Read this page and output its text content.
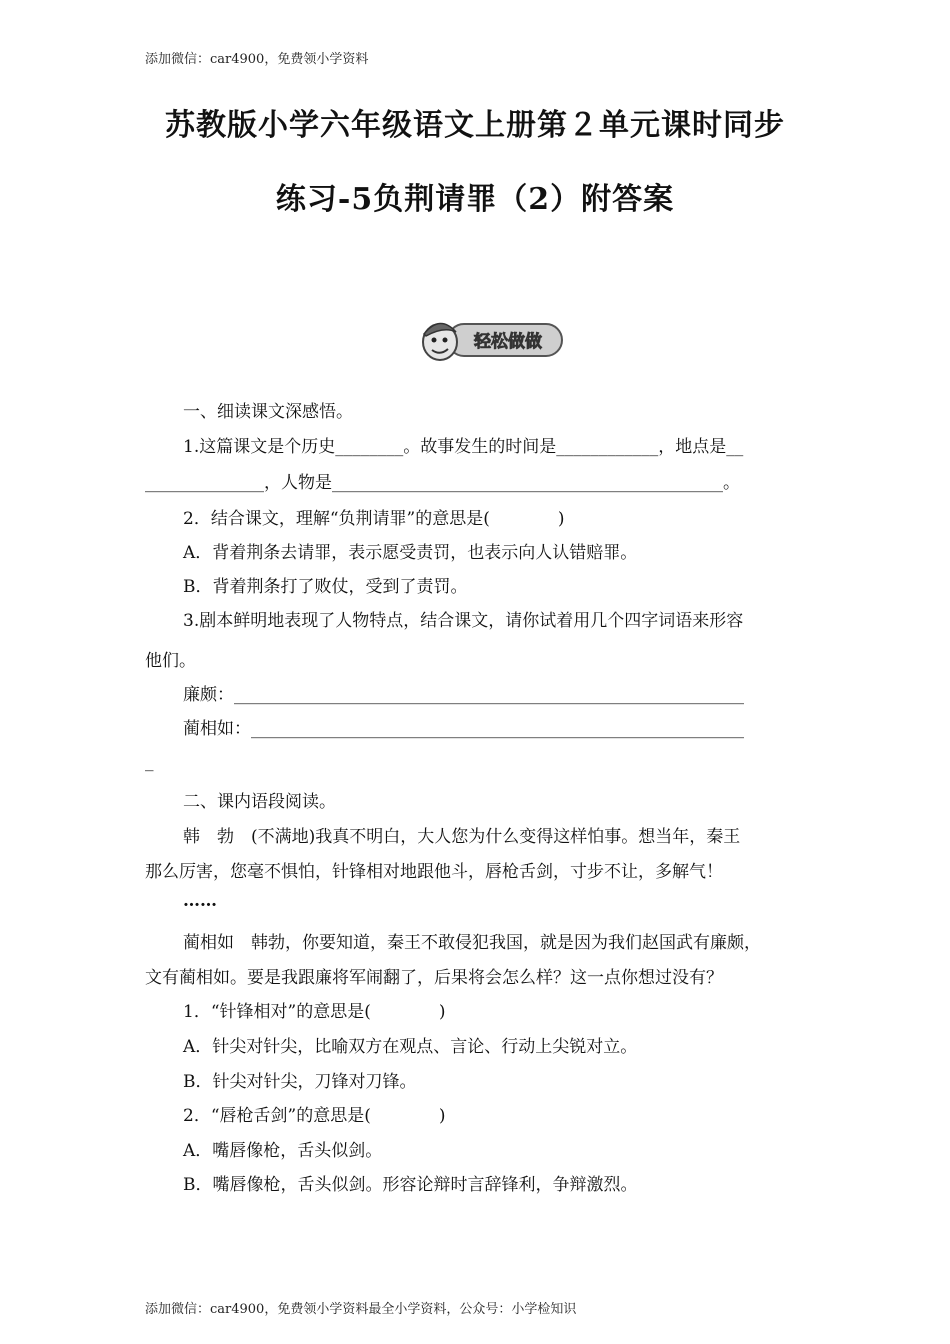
添加微信：car4900，免费领小学资料
苏教版小学六年级语文上册第２单元课时同步
练习-5负荆请罪（2）附答案
轻松做做
一、细读课文深感悟。
1.这篇课文是个历史________。故事发生的时间是____________，地点是__
______________，人物是______________________________________________。
2．结合课文，理解“负荆请罪”的意思是(　　　　)
A．背着荆条去请罪，表示愿受责罚，也表示向人认错赔罪。
B．背着荆条打了败仗，受到了责罚。
3.剧本鲜明地表现了人物特点，结合课文，请你试着用几个四字词语来形容
他们。
廉颇：____________________________________________________________
蔺相如：__________________________________________________________
_
二、课内语段阅读。
韩　勃　(不满地)我真不明白，大人您为什么变得这样怕事。想当年，秦王
那么厉害，您毫不惧怕，针锋相对地跟他斗，唇枪舌剑，寸步不让，多解气！
……
蔺相如　韩勃，你要知道，秦王不敢侵犯我国，就是因为我们赵国武有廉颇，
文有蔺相如。要是我跟廉将军闹翻了，后果将会怎么样？这一点你想过没有？
1．“针锋相对”的意思是(　　　　)
A．针尖对针尖，比喻双方在观点、言论、行动上尖锐对立。
B．针尖对针尖，刀锋对刀锋。
2．“唇枪舌剑”的意思是(　　　　)
A．嘴唇像枪，舌头似剑。
B．嘴唇像枪，舌头似剑。形容论辩时言辞锋利，争辩激烈。
添加微信：car4900，免费领小学资料最全小学资料，公众号：小学检知识
